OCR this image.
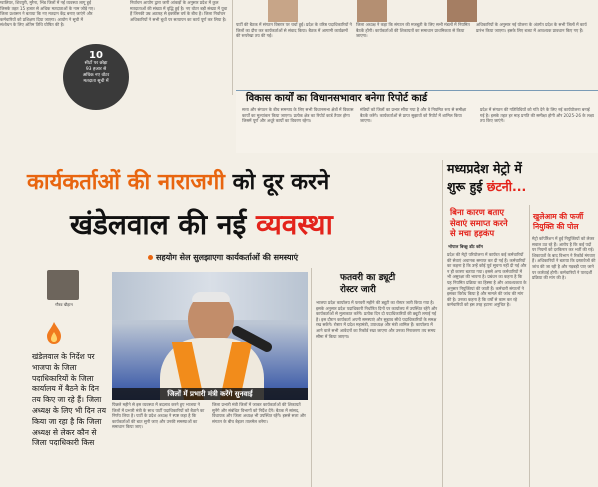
ग्वालियर, शिवपुरी, मुरैना, भिंड जिलों में नई व्यवस्था लागू हुई जिसके तहत 15 हजार से अधिक मतदाताओं के नाम जोड़े गए। जिला प्रशासन ने बताया कि नए मतदान केंद्र बनाए जाएंगे और कर्मचारियों को प्रशिक्षण दिया जाएगा। आयोग ने सूची में संशोधन के लिए अंतिम तिथि घोषित की है।
10
सीटों पर छोड़ा
93 हजार से
अधिक नए वोटर
मतदाता सूची में
निर्वाचन आयोग द्वारा जारी आंकड़ों के अनुसार प्रदेश में कुल मतदाताओं की संख्या में वृद्धि हुई है। नए वोटर बड़ी संख्या में युवा हैं जिनकी उम्र अठारह से इक्कीस वर्ष के बीच है। जिला निर्वाचन अधिकारियों ने सभी बूथों पर सत्यापन का कार्य पूर्ण कर लिया है।
पार्टी की बैठक में संगठन विस्तार पर चर्चा हुई। प्रदेश के वरिष्ठ पदाधिकारियों ने जिलों का दौरा कर कार्यकर्ताओं से संवाद किया। बैठक में आगामी कार्यक्रमों की रूपरेखा तय की गई।
जिला अध्यक्ष ने कहा कि संगठन की मजबूती के लिए सभी मंडलों में नियमित बैठकें होंगी। कार्यकर्ताओं की शिकायतों का समाधान प्राथमिकता से किया जाएगा।
अधिकारियों के अनुसार नई योजना के अंतर्गत प्रदेश के सभी जिलों में कार्य प्रारंभ किया जाएगा। इसके लिए बजट में आवश्यक प्रावधान किए गए हैं।
विकास कार्यों का विधानसभावार बनेगा रिपोर्ट कार्ड
सत्ता और संगठन के बीच समन्वय के लिए सभी विधानसभा क्षेत्रों में विकास कार्यों का मूल्यांकन किया जाएगा। प्रत्येक क्षेत्र का रिपोर्ट कार्ड तैयार होगा जिसमें पूर्ण और अधूरे कार्यों का विवरण रहेगा।
मंत्रियों को जिलों का प्रभार सौंपा गया है और वे नियमित रूप से समीक्षा बैठकें करेंगे। कार्यकर्ताओं से प्राप्त सुझावों को रिपोर्ट में शामिल किया जाएगा।
प्रदेश में संगठन की गतिविधियों को गति देने के लिए नई कार्ययोजना बनाई गई है। इसके तहत हर माह प्रगति की समीक्षा होगी और 2025-26 के लक्ष्य तय किए जाएंगे।
कार्यकर्ताओं की नाराजगी को दूर करने
खंडेलवाल की नई व्यवस्था
सहयोग सेल सुलझाएगा कार्यकर्ताओं की समस्याएं
गौरव चौहान
खंडेलवाल के निर्देश पर भाजपा के जिला पदाधिकारियों के जिला कार्यालय में बैठने के दिन तय किए जा रहे हैं। जिला अध्यक्ष के लिए भी दिन तय किया जा रहा है कि जिला अध्यक्ष से लेकर कौन से जिला पदाधिकारी किस
जिलों में प्रभारी मंत्री करेंगे सुनवाई
पिछले महीने से इस व्यवस्था में बदलाव करने हुए भाजपा ने जिलों में प्रभारी मंत्री के साथ पार्टी पदाधिकारियों को बैठाने का निर्णय लिया है। पार्टी के प्रदेश अध्यक्ष ने स्पष्ट कहा है कि कार्यकर्ताओं की बात सुनी जाए और उनकी समस्याओं का समाधान किया जाए।
जिला प्रभारी मंत्री जिलों में जाकर कार्यकर्ताओं की शिकायतें सुनेंगे और संबंधित विभागों को निर्देश देंगे। बैठक में सांसद, विधायक और जिला अध्यक्ष भी उपस्थित रहेंगे। इससे सत्ता और संगठन के बीच बेहतर तालमेल बनेगा।
फतवरी का ड्यूटी
रोस्टर जारी
भाजपा प्रदेश कार्यालय में फरवरी महीने की ड्यूटी का रोस्टर जारी किया गया है। इसके अनुसार प्रदेश पदाधिकारी निर्धारित दिनों पर कार्यालय में उपस्थित रहेंगे और कार्यकर्ताओं से मुलाकात करेंगे। प्रत्येक दिन दो पदाधिकारियों की ड्यूटी लगाई गई है। इस दौरान कार्यकर्ता अपनी समस्याएं और सुझाव सीधे पदाधिकारियों के समक्ष रख सकेंगे। रोस्टर में प्रदेश महामंत्री, उपाध्यक्ष और मंत्री शामिल हैं। कार्यालय में आने वाले सभी आवेदनों का रिकॉर्ड रखा जाएगा और उनका निराकरण तय समय सीमा में किया जाएगा।
मध्यप्रदेश मेट्रो में
शुरू हुई छंटनी...
बिना कारण बताए
सेवाएं समाप्त करने
से मचा हड़कंप
भोपाल बिच्छू डॉट कॉम
प्रदेश की मेट्रो परियोजना में कार्यरत कई कर्मचारियों की सेवाएं अचानक समाप्त कर दी गई हैं। कर्मचारियों का कहना है कि उन्हें कोई पूर्व सूचना नहीं दी गई और न ही कारण बताया गया। इससे अन्य कर्मचारियों में भी असुरक्षा की भावना है। प्रबंधन का कहना है कि यह नियमित प्रक्रिया का हिस्सा है और आवश्यकता के अनुसार नियुक्तियां की जाती हैं। कर्मचारी संगठनों ने इसका विरोध किया है और मामले की जांच की मांग की है। उनका कहना है कि वर्षों से काम कर रहे कर्मचारियों को इस तरह हटाना अनुचित है।
खुलेआम की फर्जी
नियुक्ति की पोल
मेट्रो कॉर्पोरेशन में हुई नियुक्तियों को लेकर सवाल उठ रहे हैं। आरोप है कि कई पदों पर नियमों को दरकिनार कर भर्ती की गई। शिकायतों के बाद विभाग ने रिकॉर्ड मंगवाए हैं। अधिकारियों ने बताया कि दस्तावेजों की जांच की जा रही है और गड़बड़ी पाए जाने पर कार्रवाई होगी। कर्मचारियों ने पारदर्शी प्रक्रिया की मांग की है।
